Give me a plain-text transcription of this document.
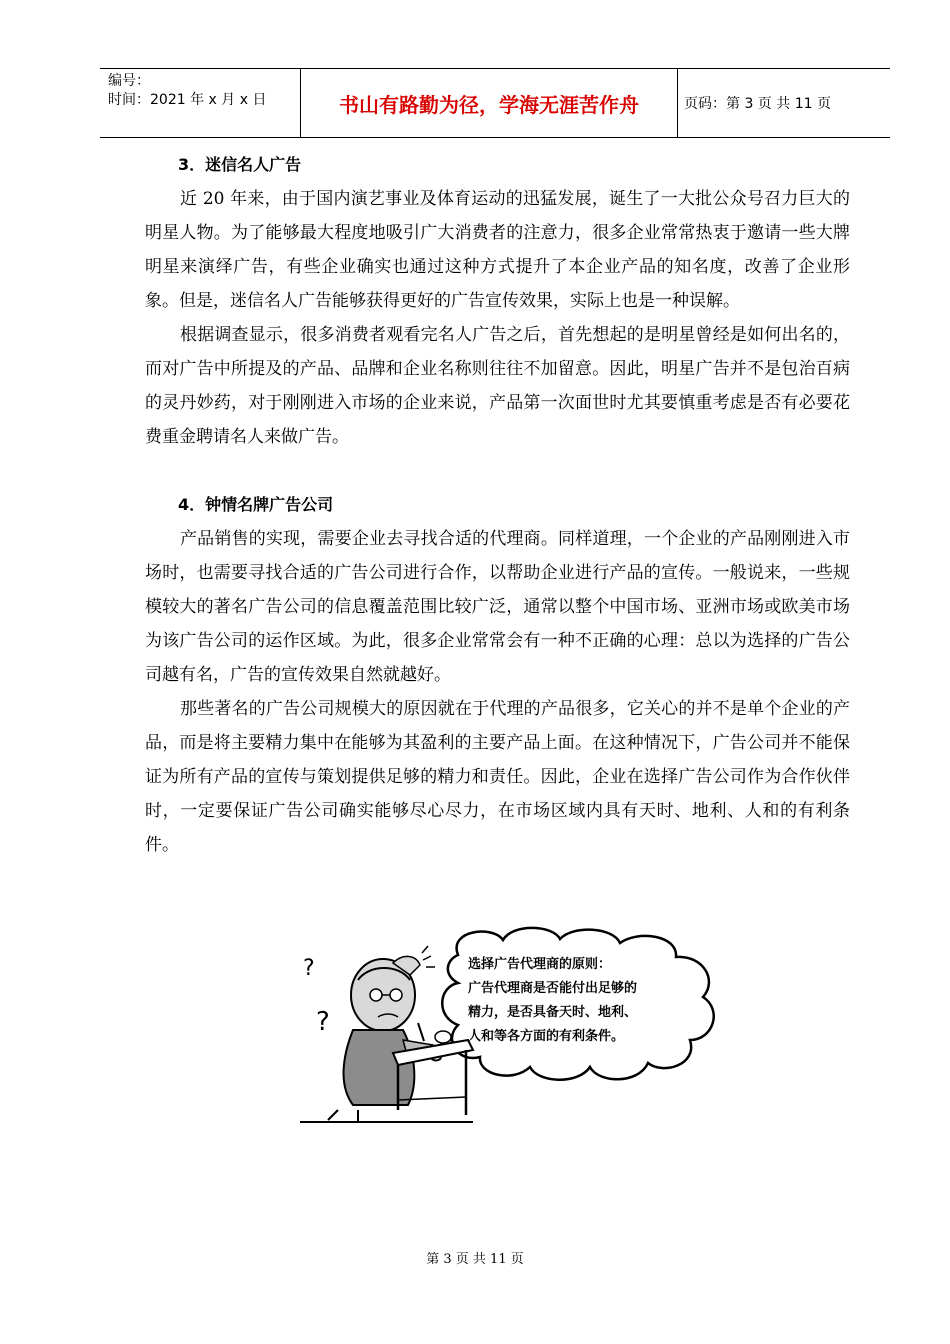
编号：
时间：2021 年 x 月 x 日	书山有路勤为径，学海无涯苦作舟	页码：第 3 页 共 11 页
3．迷信名人广告

近 20 年来，由于国内演艺事业及体育运动的迅猛发展，诞生了一大批公众号召力巨大的明星人物。为了能够最大程度地吸引广大消费者的注意力，很多企业常常热衷于邀请一些大牌明星来演绎广告，有些企业确实也通过这种方式提升了本企业产品的知名度，改善了企业形象。但是，迷信名人广告能够获得更好的广告宣传效果，实际上也是一种误解。

根据调查显示，很多消费者观看完名人广告之后，首先想起的是明星曾经是如何出名的，而对广告中所提及的产品、品牌和企业名称则往往不加留意。因此，明星广告并不是包治百病的灵丹妙药，对于刚刚进入市场的企业来说，产品第一次面世时尤其要慎重考虑是否有必要花费重金聘请名人来做广告。

4．钟情名牌广告公司

产品销售的实现，需要企业去寻找合适的代理商。同样道理，一个企业的产品刚刚进入市场时，也需要寻找合适的广告公司进行合作，以帮助企业进行产品的宣传。一般说来，一些规模较大的著名广告公司的信息覆盖范围比较广泛，通常以整个中国市场、亚洲市场或欧美市场为该广告公司的运作区域。为此，很多企业常常会有一种不正确的心理：总以为选择的广告公司越有名，广告的宣传效果自然就越好。

那些著名的广告公司规模大的原因就在于代理的产品很多，它关心的并不是单个企业的产品，而是将主要精力集中在能够为其盈利的主要产品上面。在这种情况下，广告公司并不能保证为所有产品的宣传与策划提供足够的精力和责任。因此，企业在选择广告公司作为合作伙伴时，一定要保证广告公司确实能够尽心尽力，在市场区域内具有天时、地利、人和的有利条件。

?
?
选择广告代理商的原则：
广告代理商是否能付出足够的
精力，是否具备天时、地利、
人和等各方面的有利条件。
第 3 页 共 11 页
